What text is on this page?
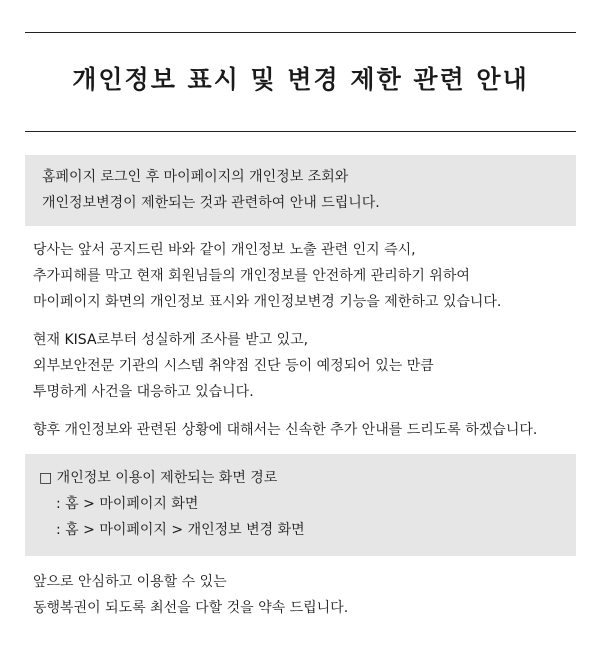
개인정보 표시 및 변경 제한 관련 안내
홈페이지 로그인 후 마이페이지의 개인정보 조회와
개인정보변경이 제한되는 것과 관련하여 안내 드립니다.
당사는 앞서 공지드린 바와 같이 개인정보 노출 관련 인지 즉시,
추가피해를 막고 현재 회원님들의 개인정보를 안전하게 관리하기 위하여
마이페이지 화면의 개인정보 표시와 개인정보변경 기능을 제한하고 있습니다.
현재 KISA로부터 성실하게 조사를 받고 있고,
외부보안전문 기관의 시스템 취약점 진단 등이 예정되어 있는 만큼
투명하게 사건을 대응하고 있습니다.
향후 개인정보와 관련된 상황에 대해서는 신속한 추가 안내를 드리도록 하겠습니다.
□ 개인정보 이용이 제한되는 화면 경로
: 홈 > 마이페이지 화면
: 홈 > 마이페이지 > 개인정보 변경 화면
앞으로 안심하고 이용할 수 있는
동행복권이 되도록 최선을 다할 것을 약속 드립니다.
